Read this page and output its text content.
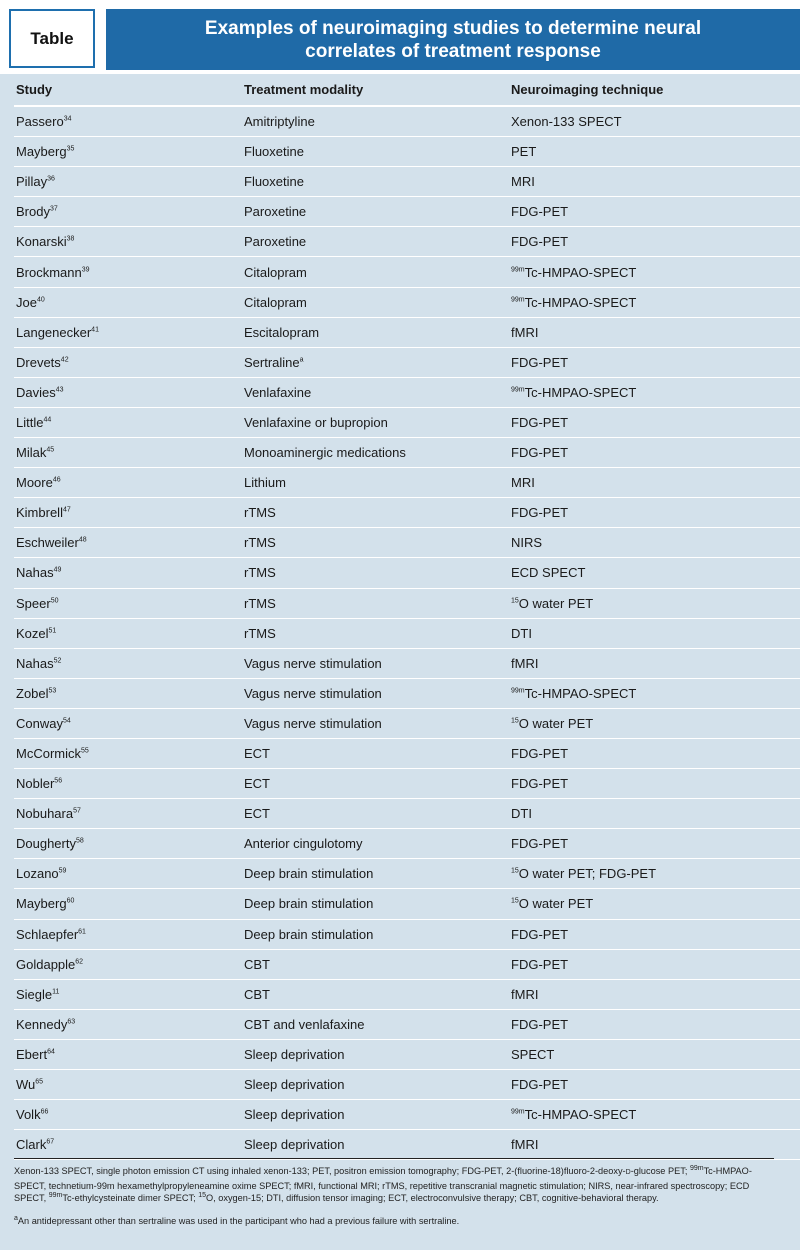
Table	Examples of neuroimaging studies to determine neural correlates of treatment response
Study	Treatment modality	Neuroimaging technique
Passero$^{34}$	Amitriptyline	Xenon-133 SPECT
Mayberg$^{35}$	Fluoxetine	PET
Pillay$^{36}$	Fluoxetine	MRI
Brody$^{37}$	Paroxetine	FDG-PET
Konarski$^{38}$	Paroxetine	FDG-PET
Brockmann$^{39}$	Citalopram	$^{99m}$Tc-HMPAO-SPECT
Joe$^{40}$	Citalopram	$^{99m}$Tc-HMPAO-SPECT
Langenecker$^{41}$	Escitalopram	fMRI
Drevets$^{42}$	Sertraline$^a$	FDG-PET
Davies$^{43}$	Venlafaxine	$^{99m}$Tc-HMPAO-SPECT
Little$^{44}$	Venlafaxine or bupropion	FDG-PET
Milak$^{45}$	Monoaminergic medications	FDG-PET
Moore$^{46}$	Lithium	MRI
Kimbrell$^{47}$	rTMS	FDG-PET
Eschweiler$^{48}$	rTMS	NIRS
Nahas$^{49}$	rTMS	ECD SPECT
Speer$^{50}$	rTMS	$^{15}$O water PET
Kozel$^{51}$	rTMS	DTI
Nahas$^{52}$	Vagus nerve stimulation	fMRI
Zobel$^{53}$	Vagus nerve stimulation	$^{99m}$Tc-HMPAO-SPECT
Conway$^{54}$	Vagus nerve stimulation	$^{15}$O water PET
McCormick$^{55}$	ECT	FDG-PET
Nobler$^{56}$	ECT	FDG-PET
Nobuhara$^{57}$	ECT	DTI
Dougherty$^{58}$	Anterior cingulotomy	FDG-PET
Lozano$^{59}$	Deep brain stimulation	$^{15}$O water PET; FDG-PET
Mayberg$^{60}$	Deep brain stimulation	$^{15}$O water PET
Schlaepfer$^{61}$	Deep brain stimulation	FDG-PET
Goldapple$^{62}$	CBT	FDG-PET
Siegle$^{11}$	CBT	fMRI
Kennedy$^{63}$	CBT and venlafaxine	FDG-PET
Ebert$^{64}$	Sleep deprivation	SPECT
Wu$^{65}$	Sleep deprivation	FDG-PET
Volk$^{66}$	Sleep deprivation	$^{99m}$Tc-HMPAO-SPECT
Clark$^{67}$	Sleep deprivation	fMRI
Xenon-133 SPECT, single photon emission CT using inhaled xenon-133; PET, positron emission tomography; FDG-PET, 2-(fluorine-18)fluoro-2-deoxy-D-glucose PET; $^{99m}$Tc-HMPAO-SPECT, technetium-99m hexamethylpropyleneamine oxime SPECT; fMRI, functional MRI; rTMS, repetitive transcranial magnetic stimulation; NIRS, near-infrared spectroscopy; ECD SPECT, $^{99m}$Tc-ethylcysteinate dimer SPECT; $^{15}$O, oxygen-15; DTI, diffusion tensor imaging; ECT, electroconvulsive therapy; CBT, cognitive-behavioral therapy.
$^a$An antidepressant other than sertraline was used in the participant who had a previous failure with sertraline.
